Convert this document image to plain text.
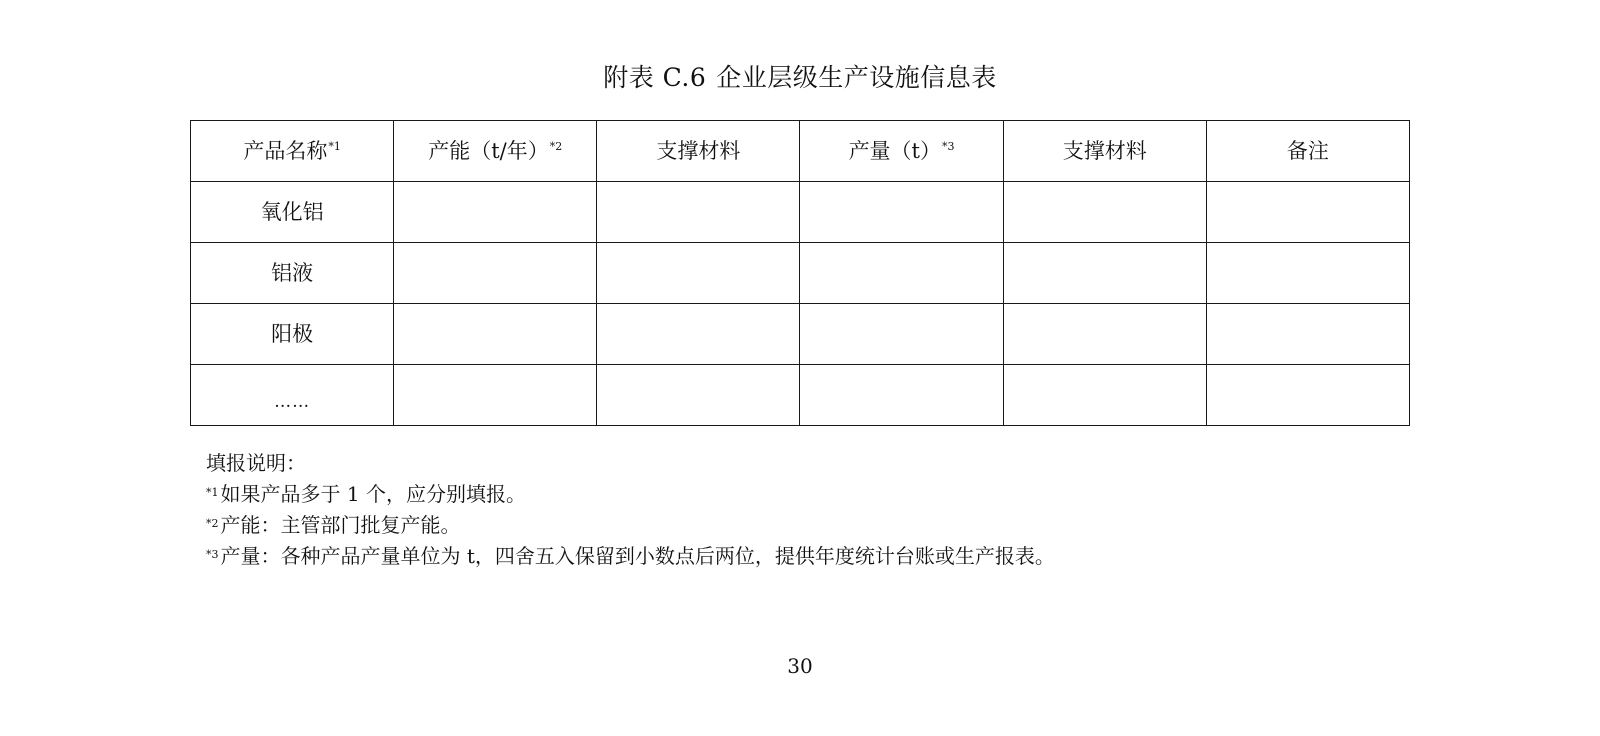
附表 C.6 企业层级生产设施信息表
产品名称$^{*1}$	产能（t/年）$^{*2}$	支撑材料	产量$(t)^{*3}$	支撑材料	备注
氧化铝					
铝液					
阳极					
$_{\dots\dots}$					
填报说明：
$^{*1}$ 如果产品多于 1 个，应分别填报。
$^{*2}$ 产能：主管部门批复产能。
$^{*3}$ 产量：各种产品产量单位为 t，四舍五入保留到小数点后两位，提供年度统计台账或生产报表。
30
